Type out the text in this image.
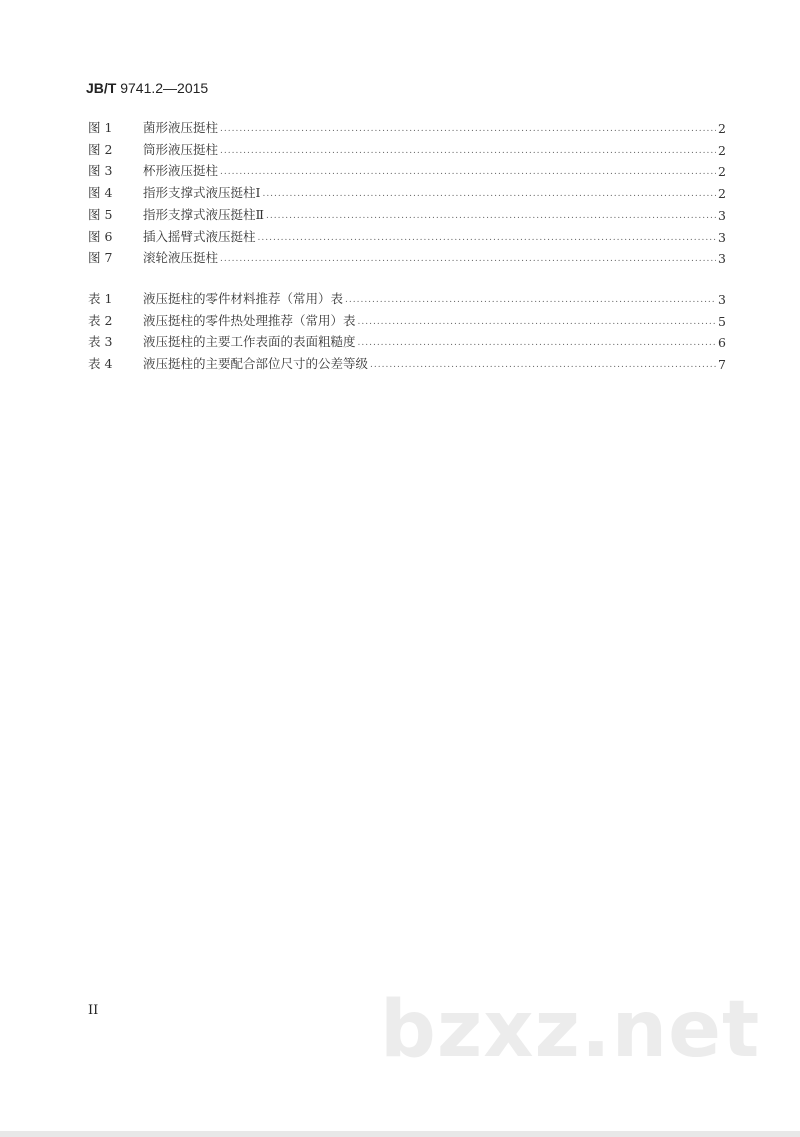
JB/T 9741.2—2015
图 1	菌形液压挺柱 .....	2
图 2	筒形液压挺柱 .....	2
图 3	杯形液压挺柱 .....	2
图 4	指形支撑式液压挺柱Ⅰ .....	2
图 5	指形支撑式液压挺柱Ⅱ .....	3
图 6	插入摇臂式液压挺柱 .....	3
图 7	滚轮液压挺柱 .....	3
表 1	液压挺柱的零件材料推荐（常用）表 .....	3
表 2	液压挺柱的零件热处理推荐（常用）表 .....	5
表 3	液压挺柱的主要工作表面的表面粗糙度 .....	6
表 4	液压挺柱的主要配合部位尺寸的公差等级 .....	7
II	bzxz.net
